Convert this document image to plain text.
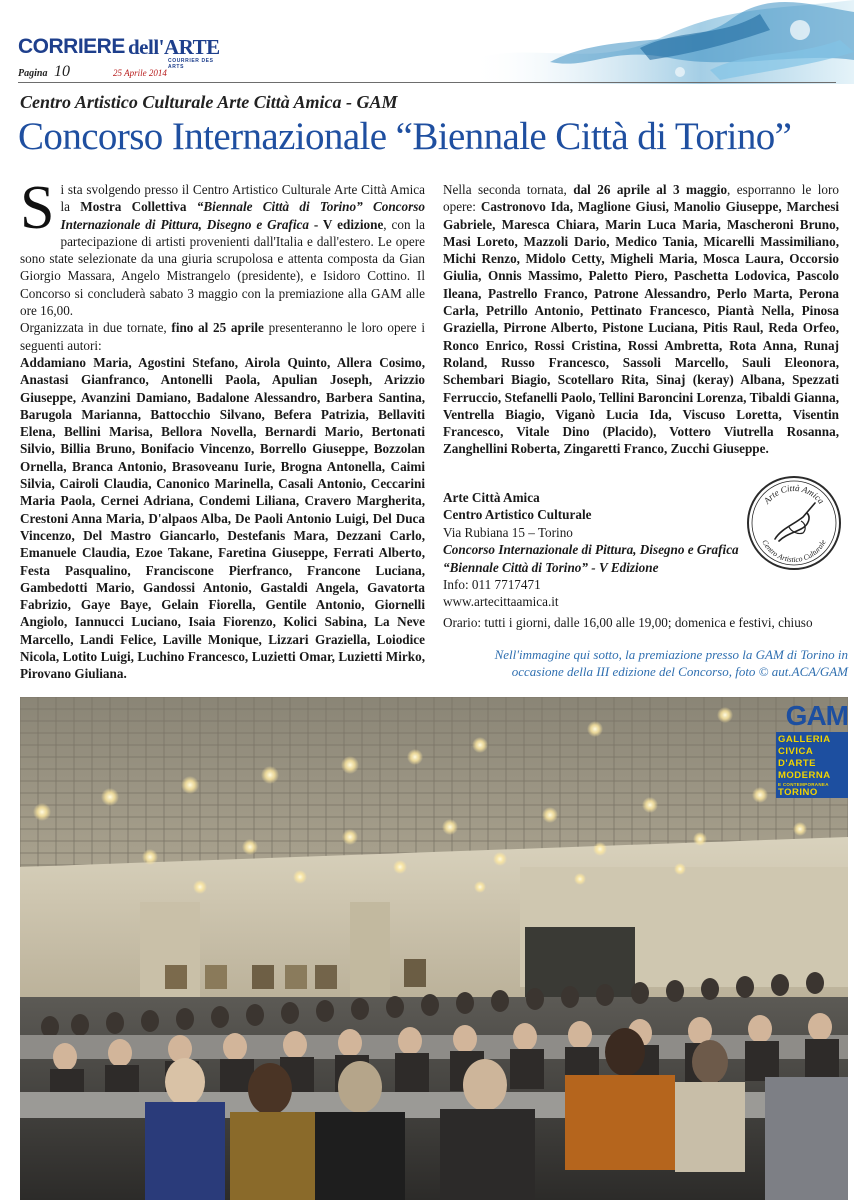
CORRIERE dell'ARTE
COURRIER DES ARTS
Pagina 10	25 Aprile 2014
Centro Artistico Culturale Arte Città Amica - GAM
Concorso Internazionale “Biennale Città di Torino”

Si sta svolgendo presso il Centro Artistico Culturale Arte Città Amica la Mostra Collettiva “Biennale Città di Torino” Concorso Internazionale di Pittura, Disegno e Grafica - V edizione, con la partecipazione di artisti provenienti dall'Italia e dall'estero. Le opere sono state selezionate da una giuria scrupolosa e attenta composta da Gian Giorgio Massara, Angelo Mistrangelo (presidente), e Isidoro Cottino. Il Concorso si concluderà sabato 3 maggio con la premiazione alla GAM alle ore 16,00.

Organizzata in due tornate, fino al 25 aprile presenteranno le loro opere i seguenti autori:

Addamiano Maria, Agostini Stefano, Airola Quinto, Allera Cosimo, Anastasi Gianfranco, Antonelli Paola, Apulian Joseph, Arizzio Giuseppe, Avanzini Damiano, Badalone Alessandro, Barbera Santina, Barugola Marianna, Battocchio Silvano, Befera Patrizia, Bellaviti Elena, Bellini Marisa, Bellora Novella, Bernardi Mario, Bertonati Silvio, Billia Bruno, Bonifacio Vincenzo, Borrello Giuseppe, Bozzolan Ornella, Branca Antonio, Brasoveanu Iurie, Brogna Antonella, Caimi Silvia, Cairoli Claudia, Canonico Marinella, Casali Antonio, Ceccarini Maria Paola, Cernei Adriana, Condemi Liliana, Cravero Margherita, Crestoni Anna Maria, D'alpaos Alba, De Paoli Antonio Luigi, Del Duca Vincenzo, Del Mastro Giancarlo, Destefanis Mara, Dezzani Carlo, Emanuele Claudia, Ezoe Takane, Faretina Giuseppe, Ferrati Alberto, Festa Pasqualino, Franciscone Pierfranco, Francone Luciana, Gambedotti Mario, Gandossi Antonio, Gastaldi Angela, Gavatorta Fabrizio, Gaye Baye, Gelain Fiorella, Gentile Antonio, Giornelli Angiolo, Iannucci Luciano, Isaia Fiorenzo, Kolici Sabina, La Neve Marcello, Landi Felice, Laville Monique, Lizzari Graziella, Loiodice Nicola, Lotito Luigi, Luchino Francesco, Luzietti Omar, Luzietti Mirko, Pirovano Giuliana.

Nella seconda tornata, dal 26 aprile al 3 maggio, esporranno le loro opere: Castronovo Ida, Maglione Giusi, Manolio Giuseppe, Marchesi Gabriele, Maresca Chiara, Marin Luca Maria, Mascheroni Bruno, Masi Loreto, Mazzoli Dario, Medico Tania, Micarelli Massimiliano, Michi Renzo, Midolo Cetty, Migheli Maria, Mosca Laura, Occorsio Giulia, Onnis Massimo, Paletto Piero, Paschetta Lodovica, Pascolo Ileana, Pastrello Franco, Patrone Alessandro, Perlo Marta, Perona Carla, Petrillo Antonio, Pettinato Francesco, Piantà Nella, Pinosa Graziella, Pirrone Alberto, Pistone Luciana, Pitis Raul, Reda Orfeo, Ronco Enrico, Rossi Cristina, Rossi Ambretta, Rota Anna, Runaj Roland, Russo Francesco, Sassoli Marcello, Sauli Eleonora, Schembari Biagio, Scotellaro Rita, Sinaj (keray) Albana, Spezzati Ferruccio, Stefanelli Paolo, Tellini Baroncini Lorenza, Tibaldi Gianna, Ventrella Biagio, Viganò Lucia Ida, Viscuso Loretta, Visentin Francesco, Vitale Dino (Placido), Vottero Viutrella Rosanna, Zanghellini Roberta, Zingaretti Franco, Zucchi Giuseppe.

Arte Città Amica
Centro Artistico Culturale
Via Rubiana 15 – Torino
Concorso Internazionale di Pittura, Disegno e Grafica
“Biennale Città di Torino” - V Edizione
Info: 011 7717471
www.artecittaamica.it
Orario: tutti i giorni, dalle 16,00 alle 19,00; domenica e festivi, chiuso
Arte Città Amica
Centro Artistico Culturale
Nell'immagine qui sotto, la premiazione presso la GAM di Torino in occasione della III edizione del Concorso, foto © aut.ACA/GAM
GAM
GALLERIA
CIVICA
D'ARTE
MODERNA
E CONTEMPORANEA
TORINO
